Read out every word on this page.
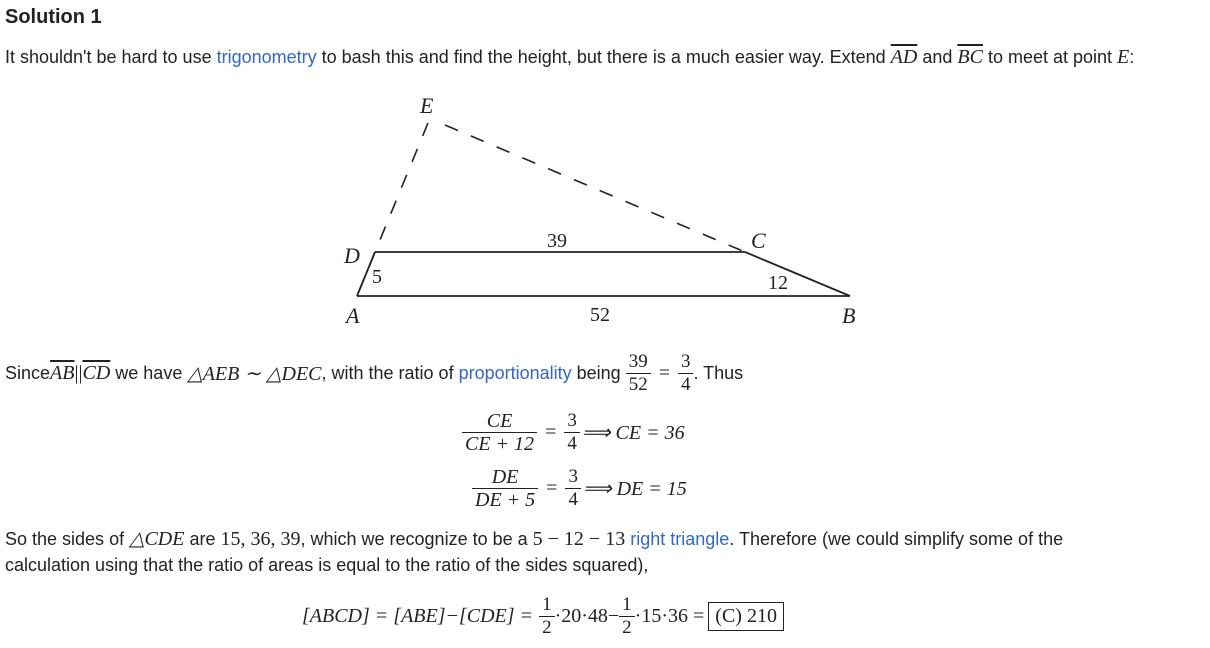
Solution 1
It shouldn't be hard to use trigonometry to bash this and find the height, but there is a much easier way. Extend $\overline{AD}$ and $\overline{BC}$ to meet at point E:
E
D
C
A	B
39
5	12
52
Since $\overline{AB}$ || $\overline{CD}$ we have △AEB ∼ △DEC , with the ratio of proportionality being $\frac{39}{52} = \frac{3}{4}$ . Thus
$\frac{CE}{CE + 12} = \frac{3}{4}$ ⟹ CE = 36
$\frac{DE}{DE + 5} = \frac{3}{4}$ ⟹ DE = 15
So the sides of △CDE are 15, 36, 39, which we recognize to be a 5 − 12 − 13 right triangle. Therefore (we could simplify some of the
calculation using that the ratio of areas is equal to the ratio of the sides squared),
[ABCD] = $[ABE]-[CDE] = \frac{1}{2} \cdot 20\cdot 48- \frac{1}{2} \cdot 15\cdot 36 = (C)$ 210
